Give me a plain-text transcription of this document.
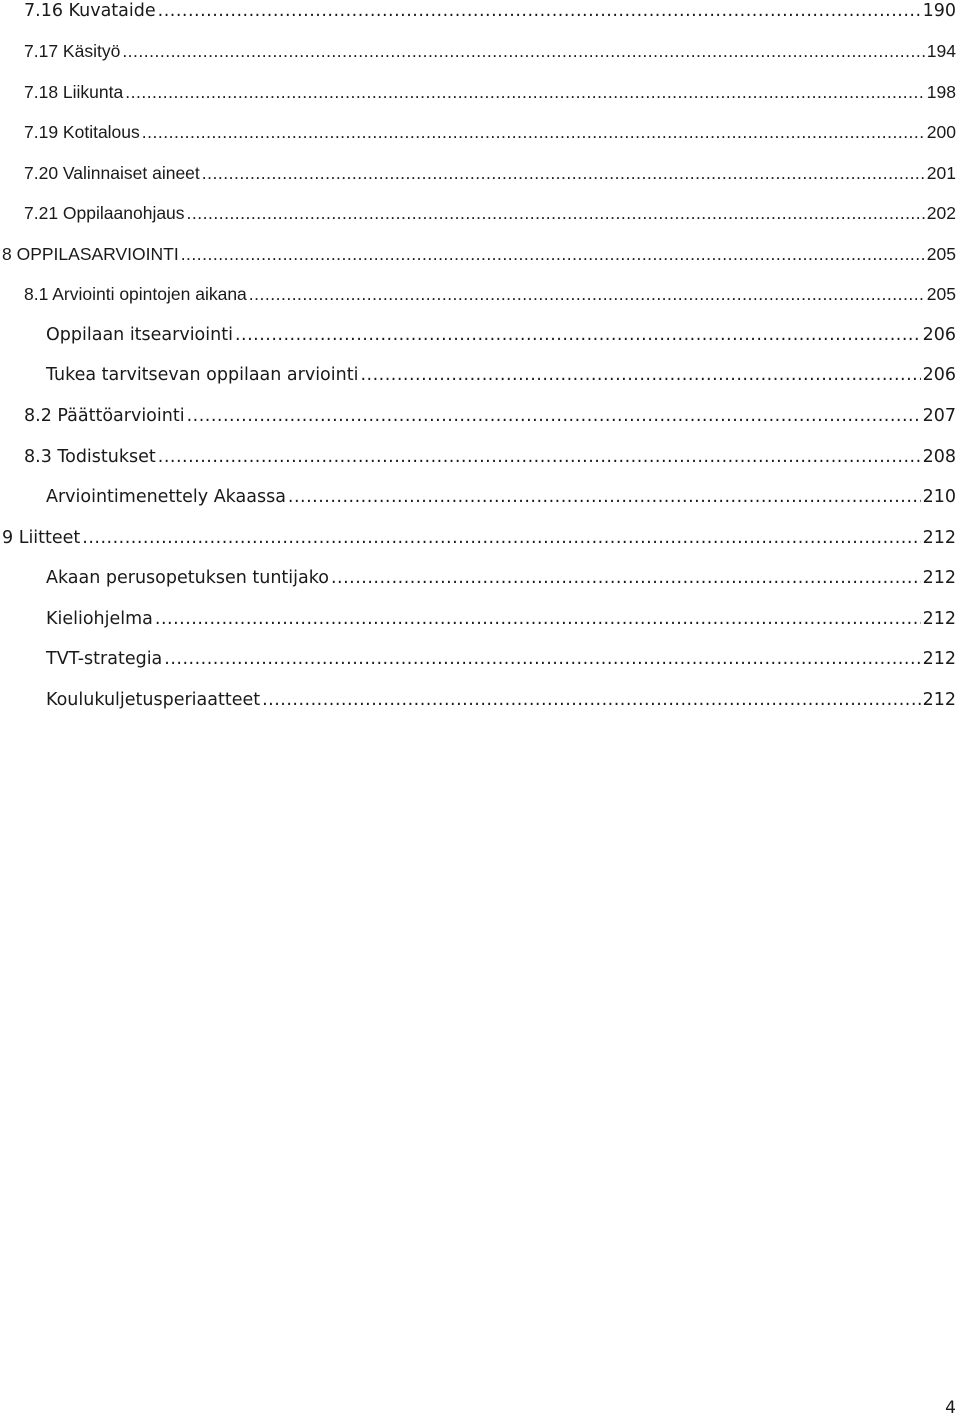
7.16 Kuvataide .....	190
7.17 Käsityö .....	194
7.18 Liikunta .....	198
7.19 Kotitalous .....	200
7.20 Valinnaiset aineet .....	201
7.21 Oppilaanohjaus .....	202
8 OPPILASARVIOINTI .....	205
8.1 Arviointi opintojen aikana .....	205
Oppilaan itsearviointi .....	206
Tukea tarvitsevan oppilaan arviointi .....	206
8.2 Päättöarviointi .....	207
8.3 Todistukset .....	208
Arviointimenettely Akaassa .....	210
9 Liitteet .....	212
Akaan perusopetuksen tuntijako .....	212
Kieliohjelma .....	212
TVT-strategia .....	212
Koulukuljetusperiaatteet .....	212
4
